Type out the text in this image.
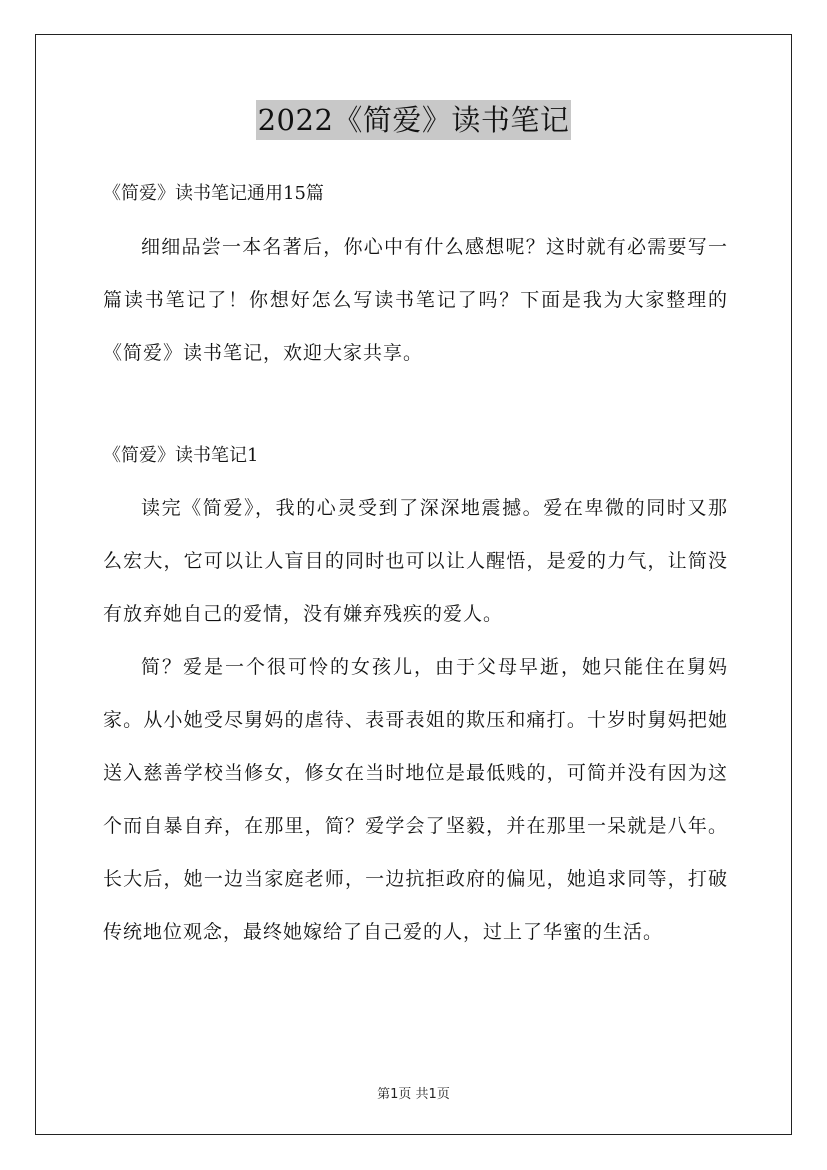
2022《简爱》读书笔记

《简爱》读书笔记通用15篇

细细品尝一本名著后，你心中有什么感想呢？这时就有必需要写一篇读书笔记了！你想好怎么写读书笔记了吗？下面是我为大家整理的《简爱》读书笔记，欢迎大家共享。

《简爱》读书笔记1

读完《简爱》，我的心灵受到了深深地震撼。爱在卑微的同时又那么宏大，它可以让人盲目的同时也可以让人醒悟，是爱的力气，让简没有放弃她自己的爱情，没有嫌弃残疾的爱人。

简？爱是一个很可怜的女孩儿，由于父母早逝，她只能住在舅妈家。从小她受尽舅妈的虐待、表哥表姐的欺压和痛打。十岁时舅妈把她送入慈善学校当修女，修女在当时地位是最低贱的，可简并没有因为这个而自暴自弃，在那里，简？爱学会了坚毅，并在那里一呆就是八年。长大后，她一边当家庭老师，一边抗拒政府的偏见，她追求同等，打破传统地位观念，最终她嫁给了自己爱的人，过上了华蜜的生活。

第1页 共1页
